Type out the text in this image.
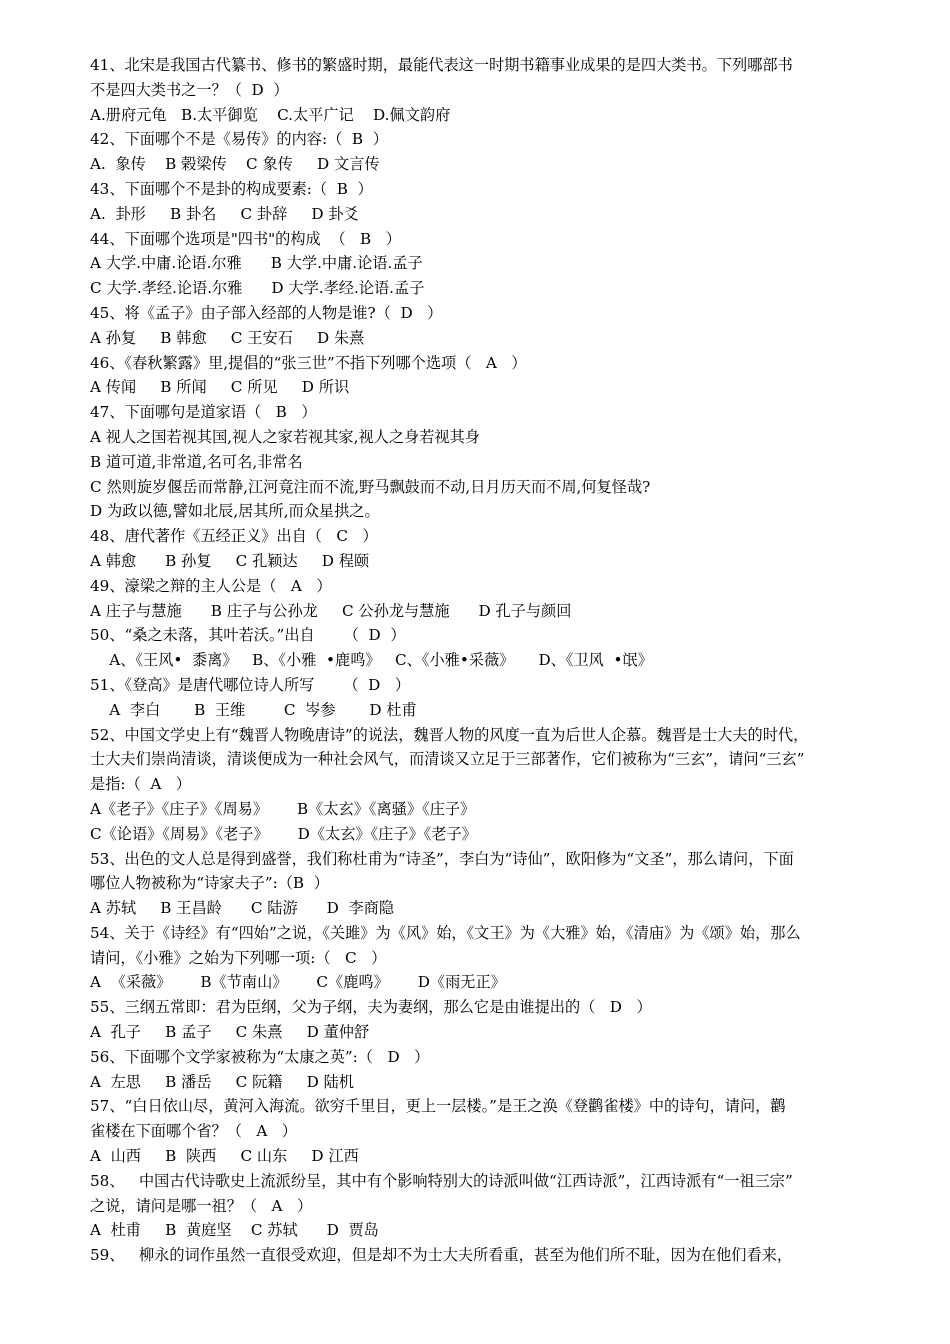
41、北宋是我国古代纂书、修书的繁盛时期，最能代表这一时期书籍事业成果的是四大类书。下列哪部书
不是四大类书之一？（  D  ）
A.册府元龟   B.太平御览    C.太平广记    D.佩文韵府
42、下面哪个不是《易传》的内容:（  B  ）
A.  象传    B 榖梁传    C 象传     D 文言传
43、下面哪个不是卦的构成要素:（  B  ）
A.  卦形     B 卦名     C 卦辞     D 卦爻
44、下面哪个选项是"四书"的构成  （   B   ）
A 大学.中庸.论语.尔雅      B 大学.中庸.论语.孟子
C 大学.孝经.论语.尔雅      D 大学.孝经.论语.孟子
45、将《孟子》由子部入经部的人物是谁?（  D   ）
A 孙复     B 韩愈     C 王安石     D 朱熹
46、《春秋繁露》里,提倡的“张三世”不指下列哪个选项（   A   ）
A 传闻     B 所闻     C 所见     D 所识
47、下面哪句是道家语（   B   ）
A 视人之国若视其国,视人之家若视其家,视人之身若视其身
B 道可道,非常道,名可名,非常名
C 然则旋岁偃岳而常静,江河竟注而不流,野马飘鼓而不动,日月历天而不周,何复怪哉?
D 为政以德,譬如北辰,居其所,而众星拱之。
48、唐代著作《五经正义》出自（   C   ）
A 韩愈      B 孙复     C 孔颖达     D 程颐
49、濠梁之辩的主人公是（   A   ）
A 庄子与慧施      B 庄子与公孙龙     C 公孙龙与慧施      D 孔子与颜回
50、“桑之未落，其叶若沃。”出自      （  D  ）
A、《王风•  黍离》   B、《小雅  •鹿鸣》   C、《小雅•采薇》     D、《卫风  •氓》
51、《登高》是唐代哪位诗人所写      （  D   ）
A  李白       B  王维        C  岑参       D 杜甫
52、中国文学史上有“魏晋人物晚唐诗”的说法，魏晋人物的风度一直为后世人企慕。魏晋是士大夫的时代，
士大夫们崇尚清谈，清谈便成为一种社会风气，而清谈又立足于三部著作，它们被称为“三玄”，请问“三玄”
是指:（  A   ）
A《老子》《庄子》《周易》      B《太玄》《离骚》《庄子》
C《论语》《周易》《老子》      D《太玄》《庄子》《老子》
53、出色的文人总是得到盛誉，我们称杜甫为“诗圣”，李白为“诗仙”，欧阳修为“文圣”，那么请问，下面
哪位人物被称为“诗家夫子”:（B  ）
A 苏轼     B 王昌龄      C 陆游      D  李商隐
54、关于《诗经》有“四始”之说，《关雎》为《风》始，《文王》为《大雅》始，《清庙》为《颂》始，那么
请问，《小雅》之始为下列哪一项:（   C   ）
A  《采薇》      B《节南山》      C《鹿鸣》      D《雨无正》
55、三纲五常即：君为臣纲，父为子纲，夫为妻纲，那么它是由谁提出的（   D   ）
A  孔子     B 孟子     C 朱熹     D 董仲舒
56、下面哪个文学家被称为“太康之英”:（   D   ）
A  左思     B 潘岳     C 阮籍     D 陆机
57、“白日依山尽，黄河入海流。欲穷千里目，更上一层楼。”是王之涣《登鹳雀楼》中的诗句，请问，鹳
雀楼在下面哪个省？（   A   ）
A  山西     B  陕西     C 山东     D 江西
58、   中国古代诗歌史上流派纷呈，其中有个影响特别大的诗派叫做“江西诗派”，江西诗派有“一祖三宗”
之说，请问是哪一祖？（   A   ）
A  杜甫     B  黄庭坚    C 苏轼      D  贾岛
59、   柳永的词作虽然一直很受欢迎，但是却不为士大夫所看重，甚至为他们所不耻，因为在他们看来，
